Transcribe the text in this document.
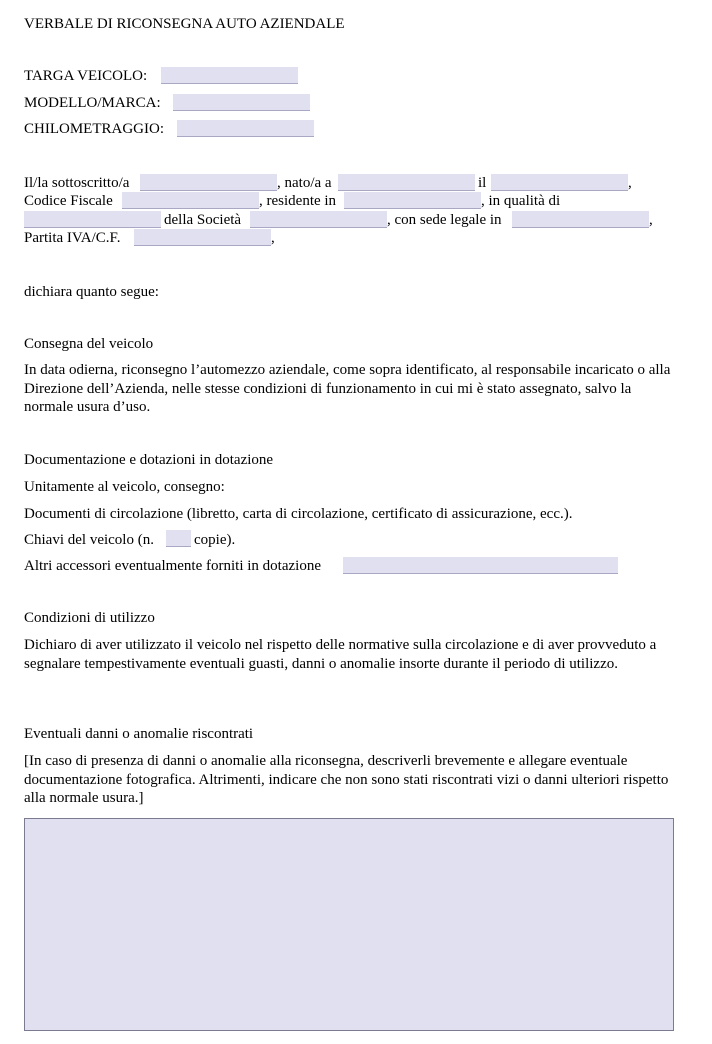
VERBALE DI RICONSEGNA AUTO AZIENDALE
TARGA VEICOLO:
MODELLO/MARCA:
CHILOMETRAGGIO:
Il/la sottoscritto/a	, nato/a a	il	,
Codice Fiscale	, residente in	, in qualità di
della Società	, con sede legale in	,
Partita IVA/C.F.	,
dichiara quanto segue:
Consegna del veicolo
In data odierna, riconsegno l’automezzo aziendale, come sopra identificato, al responsabile incaricato o alla Direzione dell’Azienda, nelle stesse condizioni di funzionamento in cui mi è stato assegnato, salvo la normale usura d’uso.
Documentazione e dotazioni in dotazione
Unitamente al veicolo, consegno:
Documenti di circolazione (libretto, carta di circolazione, certificato di assicurazione, ecc.).
Chiavi del veicolo (n.	copie).
Altri accessori eventualmente forniti in dotazione
Condizioni di utilizzo
Dichiaro di aver utilizzato il veicolo nel rispetto delle normative sulla circolazione e di aver provveduto a segnalare tempestivamente eventuali guasti, danni o anomalie insorte durante il periodo di utilizzo.
Eventuali danni o anomalie riscontrati
[In caso di presenza di danni o anomalie alla riconsegna, descriverli brevemente e allegare eventuale documentazione fotografica. Altrimenti, indicare che non sono stati riscontrati vizi o danni ulteriori rispetto alla normale usura.]
